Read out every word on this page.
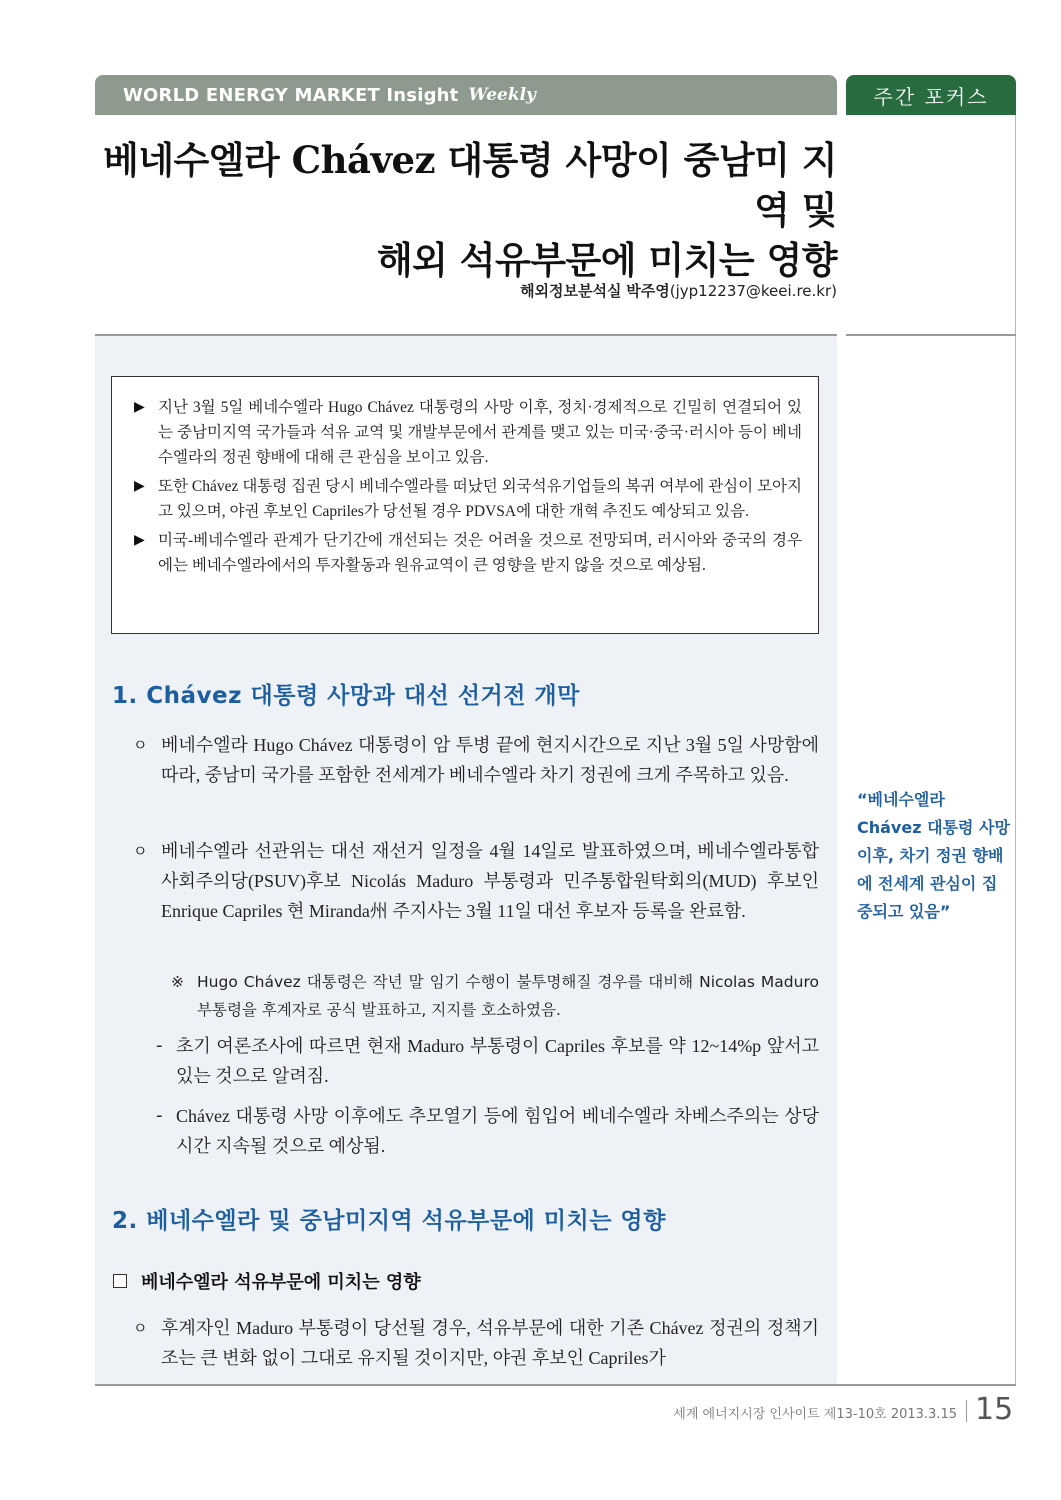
WORLD ENERGY MARKET Insight Weekly	주간 포커스
베네수엘라 Chávez 대통령 사망이 중남미 지역 및
해외 석유부문에 미치는 영향
해외정보분석실 박주영(jyp12237@keei.re.kr)
▶ 지난 3월 5일 베네수엘라 Hugo Chávez 대통령의 사망 이후, 정치·경제적으로 긴밀히 연결되어 있는 중남미지역 국가들과 석유 교역 및 개발부문에서 관계를 맺고 있는 미국·중국·러시아 등이 베네수엘라의 정권 향배에 대해 큰 관심을 보이고 있음.
▶ 또한 Chávez 대통령 집권 당시 베네수엘라를 떠났던 외국석유기업들의 복귀 여부에 관심이 모아지고 있으며, 야권 후보인 Capriles가 당선될 경우 PDVSA에 대한 개혁 추진도 예상되고 있음.
▶ 미국-베네수엘라 관계가 단기간에 개선되는 것은 어려울 것으로 전망되며, 러시아와 중국의 경우에는 베네수엘라에서의 투자활동과 원유교역이 큰 영향을 받지 않을 것으로 예상됨.
1. Chávez 대통령 사망과 대선 선거전 개막
ㅇ 베네수엘라 Hugo Chávez 대통령이 암 투병 끝에 현지시간으로 지난 3월 5일 사망함에 따라, 중남미 국가를 포함한 전세계가 베네수엘라 차기 정권에 크게 주목하고 있음.
ㅇ 베네수엘라 선관위는 대선 재선거 일정을 4월 14일로 발표하였으며, 베네수엘라통합사회주의당(PSUV)후보 Nicolás Maduro 부통령과 민주통합원탁회의(MUD) 후보인 Enrique Capriles 현 Miranda州 주지사는 3월 11일 대선 후보자 등록을 완료함.
※ Hugo Chávez 대통령은 작년 말 임기 수행이 불투명해질 경우를 대비해 Nicolas Maduro 부통령을 후계자로 공식 발표하고, 지지를 호소하였음.
- 초기 여론조사에 따르면 현재 Maduro 부통령이 Capriles 후보를 약 12~14%p 앞서고 있는 것으로 알려짐.
- Chávez 대통령 사망 이후에도 추모열기 등에 힘입어 베네수엘라 차베스주의는 상당시간 지속될 것으로 예상됨.
2. 베네수엘라 및 중남미지역 석유부문에 미치는 영향
베네수엘라 석유부문에 미치는 영향
ㅇ 후계자인 Maduro 부통령이 당선될 경우, 석유부문에 대한 기존 Chávez 정권의 정책기조는 큰 변화 없이 그대로 유지될 것이지만, 야권 후보인 Capriles가
“베네수엘라 Chávez 대통령 사망이후, 차기 정권 향배에 전세계 관심이 집중되고 있음”
세계 에너지시장 인사이트 제13-10호 2013.3.15 15
